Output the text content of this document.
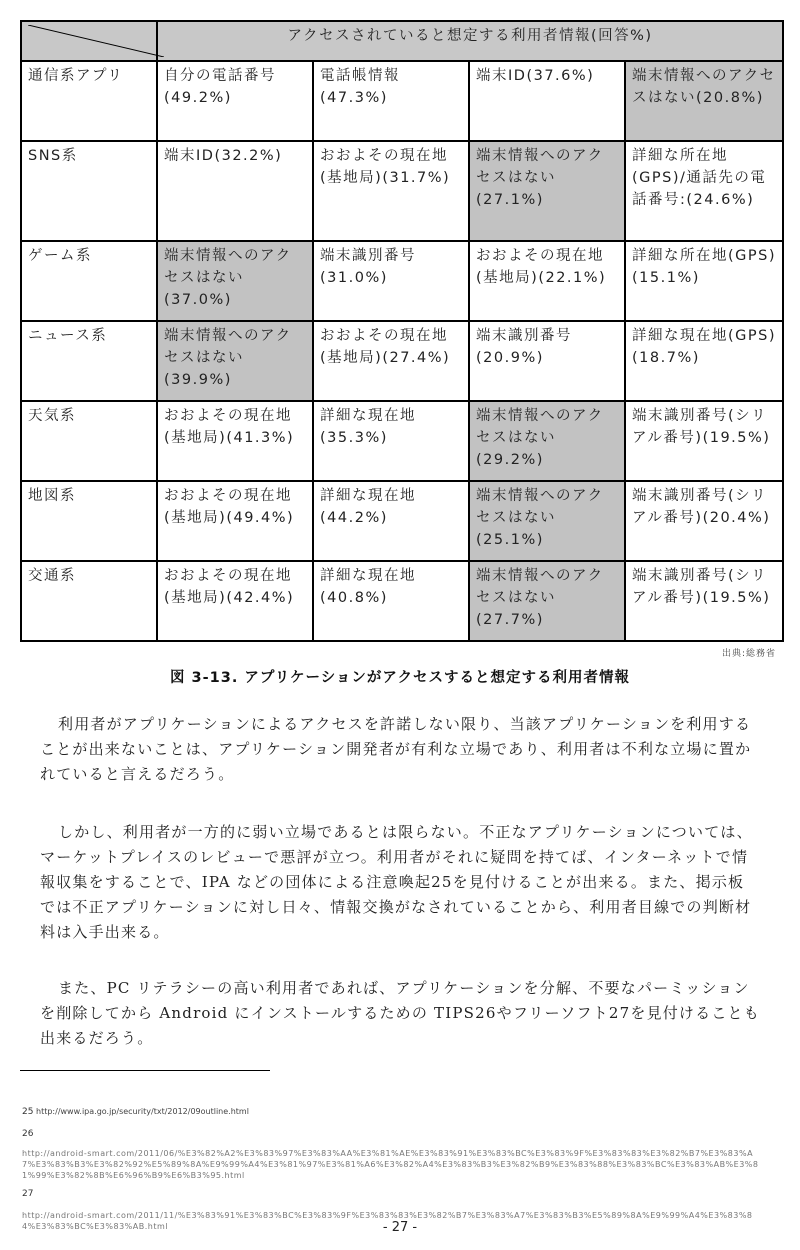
	アクセスされていると想定する利用者情報(回答%)			
通信系アプリ	自分の電話番号(49.2%)	電話帳情報(47.3%)	端末ID(37.6%)	端末情報へのアクセスはない(20.8%)
SNS系	端末ID(32.2%)	おおよその現在地(基地局)(31.7%)	端末情報へのアクセスはない(27.1%)	詳細な所在地(GPS)/通話先の電話番号:(24.6%)
ゲーム系	端末情報へのアクセスはない(37.0%)	端末識別番号(31.0%)	おおよその現在地(基地局)(22.1%)	詳細な所在地(GPS)(15.1%)
ニュース系	端末情報へのアクセスはない(39.9%)	おおよその現在地(基地局)(27.4%)	端末識別番号(20.9%)	詳細な現在地(GPS)(18.7%)
天気系	おおよその現在地(基地局)(41.3%)	詳細な現在地(35.3%)	端末情報へのアクセスはない(29.2%)	端末識別番号(シリアル番号)(19.5%)
地図系	おおよその現在地(基地局)(49.4%)	詳細な現在地(44.2%)	端末情報へのアクセスはない(25.1%)	端末識別番号(シリアル番号)(20.4%)
交通系	おおよその現在地(基地局)(42.4%)	詳細な現在地(40.8%)	端末情報へのアクセスはない(27.7%)	端末識別番号(シリアル番号)(19.5%)
出典:総務省
図 3-13. アプリケーションがアクセスすると想定する利用者情報

利用者がアプリケーションによるアクセスを許諾しない限り、当該アプリケーションを利用することが出来ないことは、アプリケーション開発者が有利な立場であり、利用者は不利な立場に置かれていると言えるだろう。

しかし、利用者が一方的に弱い立場であるとは限らない。不正なアプリケーションについては、マーケットプレイスのレビューで悪評が立つ。利用者がそれに疑問を持てば、インターネットで情報収集をすることで、IPA などの団体による注意喚起25を見付けることが出来る。また、掲示板では不正アプリケーションに対し日々、情報交換がなされていることから、利用者目線での判断材料は入手出来る。

また、PC リテラシーの高い利用者であれば、アプリケーションを分解、不要なパーミッションを削除してから Android にインストールするための TIPS26やフリーソフト27を見付けることも出来るだろう。

25 http://www.ipa.go.jp/security/txt/2012/09outline.html
26
http://android-smart.com/2011/06/%E3%82%A2%E3%83%97%E3%83%AA%E3%81%AE%E3%83%91%E3%83%BC%E3%83%9F%E3%83%83%E3%82%B7%E3%83%A7%E3%83%B3%E3%82%92%E5%89%8A%E9%99%A4%E3%81%97%E3%81%A6%E3%82%A4%E3%83%B3%E3%82%B9%E3%83%88%E3%83%BC%E3%83%AB%E3%81%99%E3%82%8B%E6%96%B9%E6%B3%95.html
27
http://android-smart.com/2011/11/%E3%83%91%E3%83%BC%E3%83%9F%E3%83%83%E3%82%B7%E3%83%A7%E3%83%B3%E5%89%8A%E9%99%A4%E3%83%84%E3%83%BC%E3%83%AB.html	- 27 -
